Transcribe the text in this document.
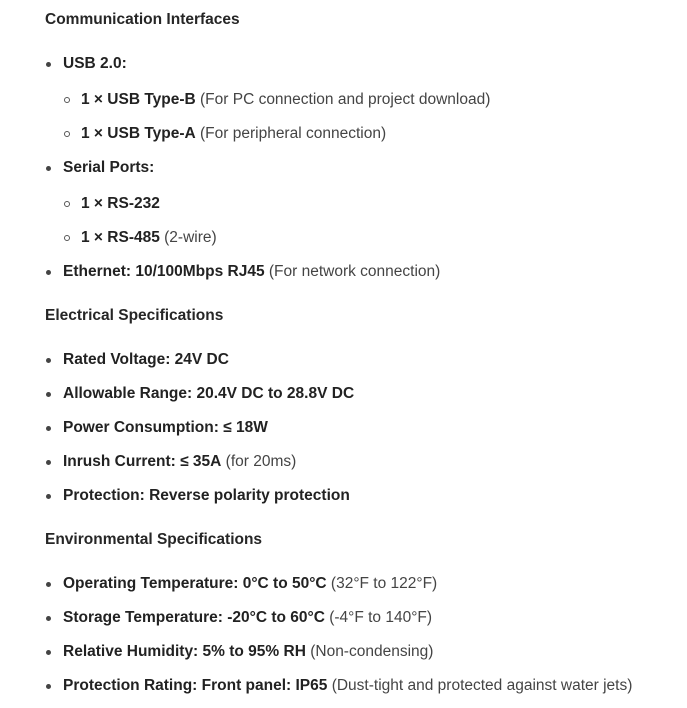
Communication Interfaces
USB 2.0:
1 × USB Type-B (For PC connection and project download)
1 × USB Type-A (For peripheral connection)
Serial Ports:
1 × RS-232
1 × RS-485 (2-wire)
Ethernet: 10/100Mbps RJ45 (For network connection)
Electrical Specifications
Rated Voltage: 24V DC
Allowable Range: 20.4V DC to 28.8V DC
Power Consumption: ≤ 18W
Inrush Current: ≤ 35A (for 20ms)
Protection: Reverse polarity protection
Environmental Specifications
Operating Temperature: 0°C to 50°C (32°F to 122°F)
Storage Temperature: -20°C to 60°C (-4°F to 140°F)
Relative Humidity: 5% to 95% RH (Non-condensing)
Protection Rating: Front panel: IP65 (Dust-tight and protected against water jets)
